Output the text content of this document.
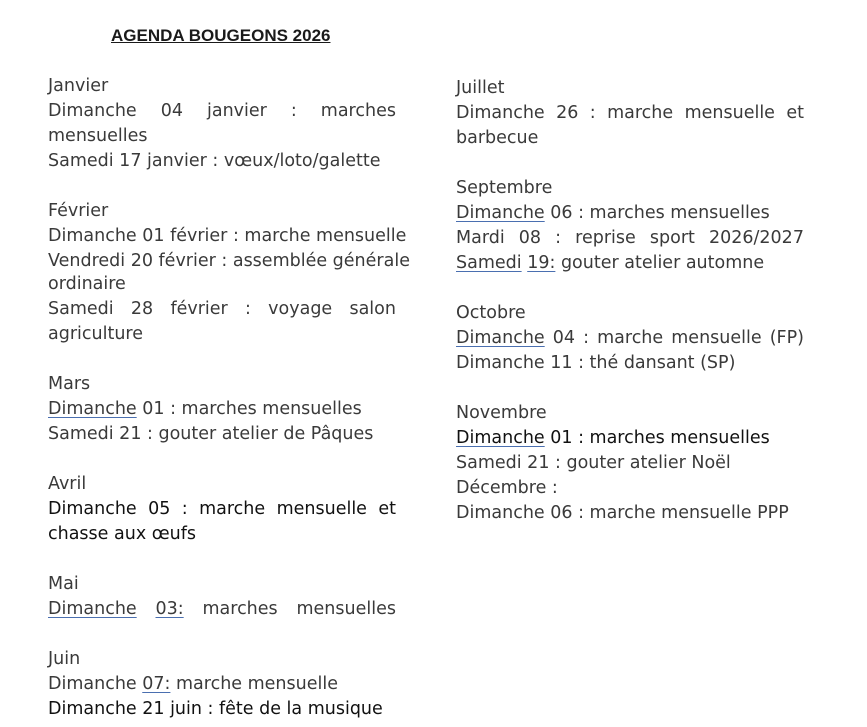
AGENDA BOUGEONS 2026
Janvier
Dimanche 04 janvier : marches
mensuelles
Samedi 17 janvier : vœux/loto/galette
Février
Dimanche 01 février : marche mensuelle
Vendredi 20 février : assemblée générale
ordinaire
Samedi 28 février : voyage salon
agriculture
Mars
Dimanche 01 : marches mensuelles
Samedi 21 : gouter atelier de Pâques
Avril
Dimanche 05 : marche mensuelle et chasse aux œufs
Mai
Dimanche 03: marches mensuelles
Juin
Dimanche 07: marche mensuelle
Dimanche 21 juin : fête de la musique
Juillet
Dimanche 26 : marche mensuelle et barbecue
Septembre
Dimanche 06 : marches mensuelles
Mardi 08 : reprise sport 2026/2027
Samedi 19: gouter atelier automne
Octobre
Dimanche 04 : marche mensuelle (FP)
Dimanche 11 : thé dansant (SP)
Novembre
Dimanche 01 : marches mensuelles
Samedi 21 : gouter atelier Noël
Décembre :
Dimanche 06 : marche mensuelle PPP
